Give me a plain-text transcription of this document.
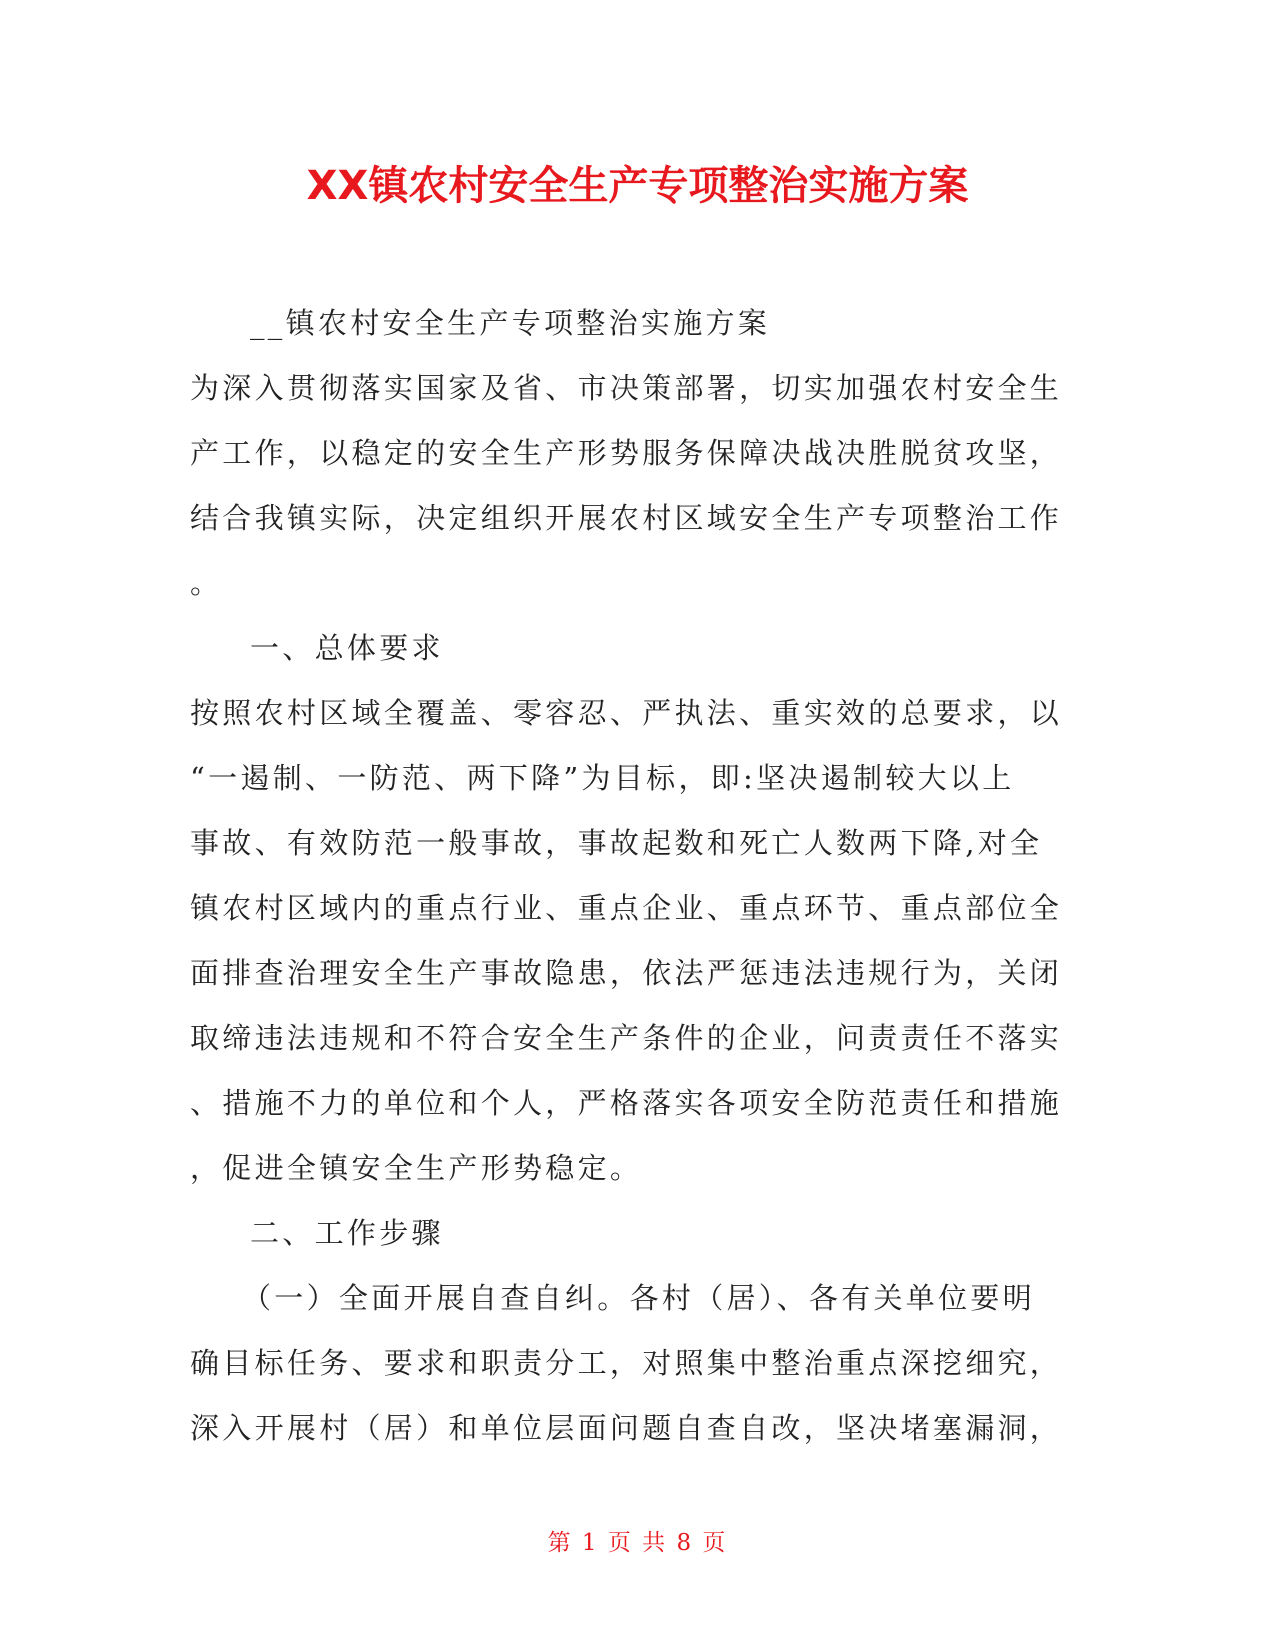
XX镇农村安全生产专项整治实施方案
__镇农村安全生产专项整治实施方案
为深入贯彻落实国家及省、市决策部署，切实加强农村安全生
产工作，以稳定的安全生产形势服务保障决战决胜脱贫攻坚，
结合我镇实际，决定组织开展农村区域安全生产专项整治工作
。
一、总体要求
按照农村区域全覆盖、零容忍、严执法、重实效的总要求，以
“一遏制、一防范、两下降”为目标，即:坚决遏制较大以上
事故、有效防范一般事故，事故起数和死亡人数两下降,对全
镇农村区域内的重点行业、重点企业、重点环节、重点部位全
面排查治理安全生产事故隐患，依法严惩违法违规行为，关闭
取缔违法违规和不符合安全生产条件的企业，问责责任不落实
、措施不力的单位和个人，严格落实各项安全防范责任和措施
，促进全镇安全生产形势稳定。
二、工作步骤
（一）全面开展自查自纠。各村（居）、各有关单位要明
确目标任务、要求和职责分工，对照集中整治重点深挖细究，
深入开展村（居）和单位层面问题自查自改，坚决堵塞漏洞，
第 1 页 共 8 页
